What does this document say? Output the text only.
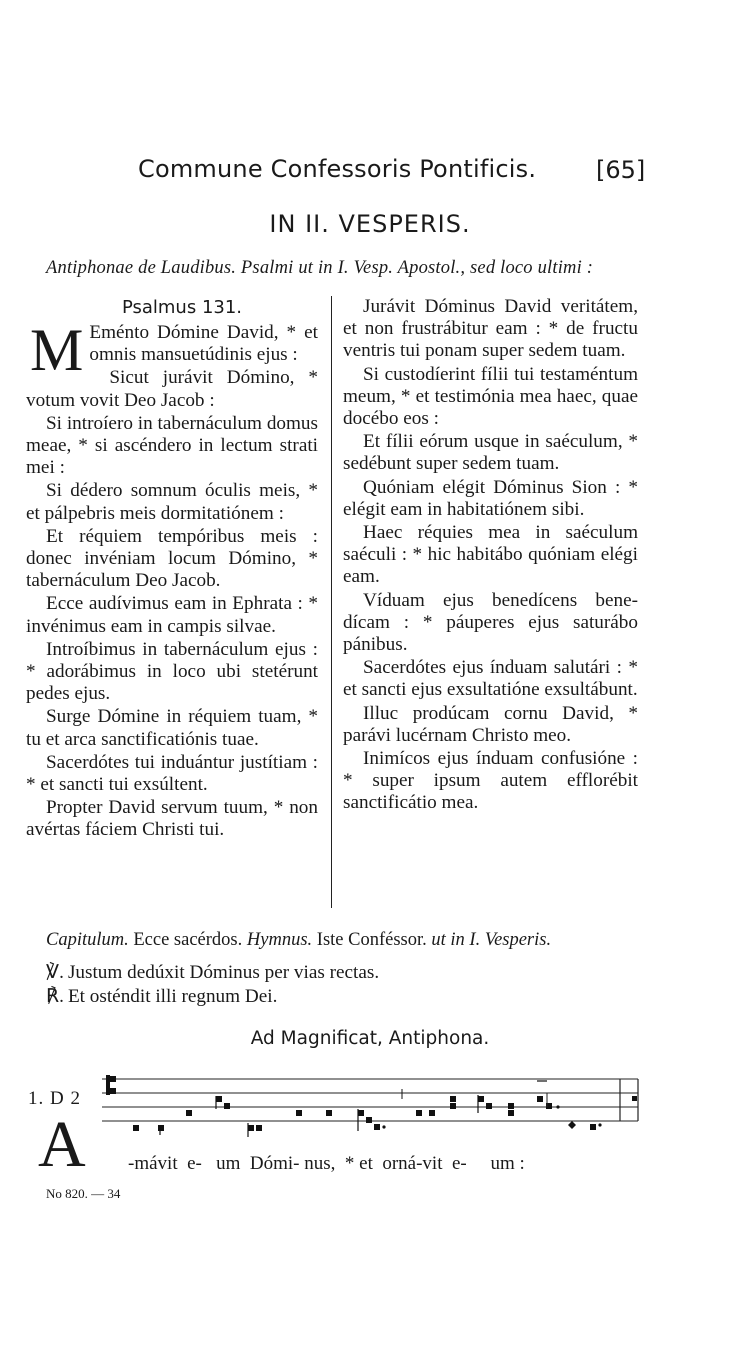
Commune Confessoris Pontificis. [65]
IN II. VESPERIS.
Antiphonae de Laudibus. Psalmi ut in I. Vesp. Apostol., sed loco ultimi :
Psalmus 131.

M Eménto Dómine David, * et omnis mansuetúdinis ejus :

Sicut jurávit Dómino, * votum vovit Deo Jacob :

Si introíero in tabernáculum domus meae, * si ascéndero in lectum strati mei :

Si dédero somnum óculis meis, * et pálpebris meis dormitatiónem :

Et réquiem tempóribus meis : donec invéniam locum Dómino, * tabernáculum Deo Jacob.

Ecce audívimus eam in Ephrata : * invénimus eam in campis silvae.

Introíbimus in tabernáculum ejus : * adorábimus in loco ubi stetérunt pedes ejus.

Surge Dómine in réquiem tuam, * tu et arca sanctificatiónis tuae.

Sacerdótes tui induántur justítiam : * et sancti tui exsúltent.

Propter David servum tuum, * non avértas fáciem Christi tui.

Jurávit Dóminus David veritátem, et non frustrábitur eam : * de fructu ventris tui ponam super sedem tuam.

Si custodíerint fílii tui testaméntum meum, * et testimónia mea haec, quae docébo eos :

Et fílii eórum usque in saéculum, * sedébunt super sedem tuam.

Quóniam elégit Dóminus Sion : * elégit eam in habitatiónem sibi.

Haec réquies mea in saéculum saéculi : * hic habitábo quóniam elégi eam.

Víduam ejus benedícens benedícam : * páuperes ejus saturábo pánibus.

Sacerdótes ejus índuam salutári : * et sancti ejus exsultatióne exsultábunt.

Illuc prodúcam cornu David, * parávi lucérnam Christo meo.

Inimícos ejus índuam confusióne : * super ipsum autem efflorébit sanctificátio mea.

Capitulum. Ecce sacérdos. Hymnus. Iste Conféssor. ut in I. Vesperis.
℣. Justum dedúxit Dóminus per vias rectas.
℟. Et osténdit illi regnum Dei.
Ad Magnificat, Antiphona.
1. D 2
A -mávit  e-   um  Dómi- nus,  * et  orná-vit  e-     um :
No 820. — 34
